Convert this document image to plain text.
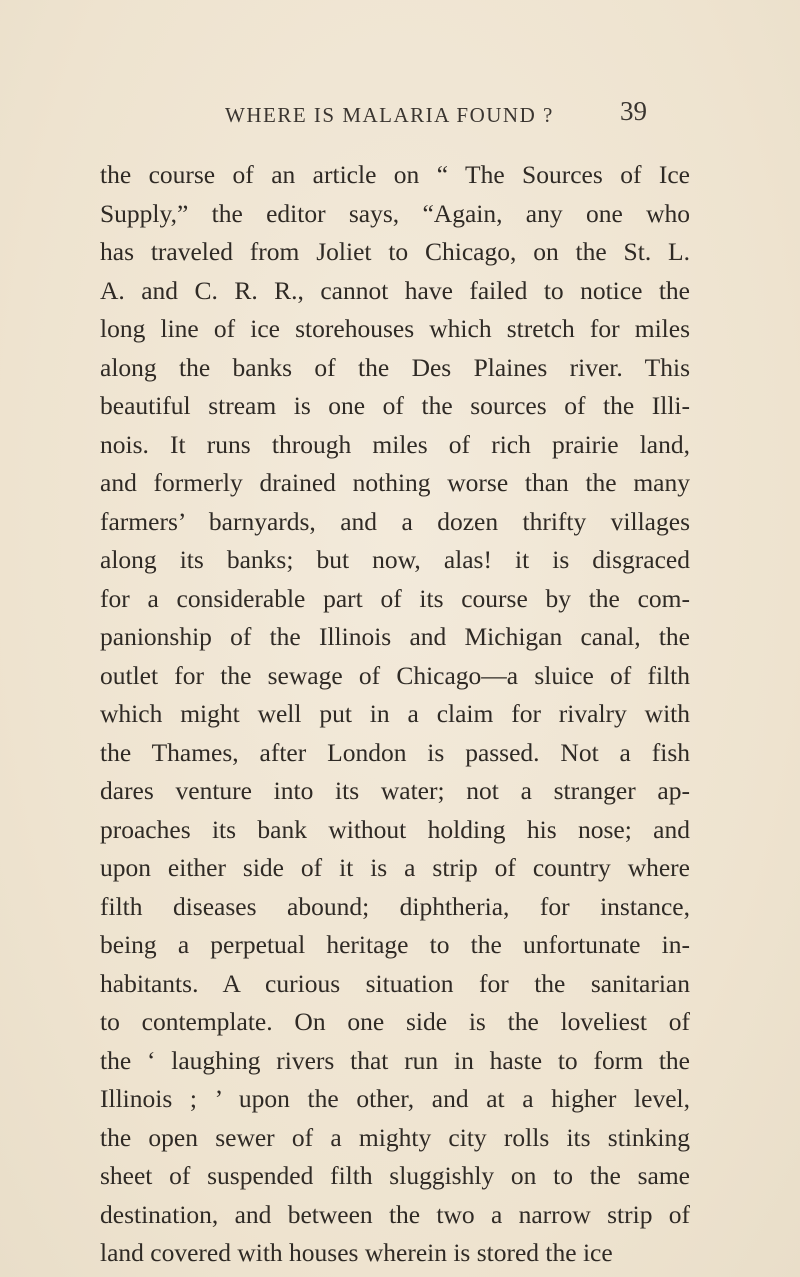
WHERE IS MALARIA FOUND ? 39
the course of an article on “ The Sources of Ice
Supply,” the editor says, “Again, any one who
has traveled from Joliet to Chicago, on the St. L.
A. and C. R. R., cannot have failed to notice the
long line of ice storehouses which stretch for miles
along the banks of the Des Plaines river. This
beautiful stream is one of the sources of the Illi-
nois. It runs through miles of rich prairie land,
and formerly drained nothing worse than the many
farmers’ barnyards, and a dozen thrifty villages
along its banks; but now, alas! it is disgraced
for a considerable part of its course by the com-
panionship of the Illinois and Michigan canal, the
outlet for the sewage of Chicago—a sluice of filth
which might well put in a claim for rivalry with
the Thames, after London is passed. Not a fish
dares venture into its water; not a stranger ap-
proaches its bank without holding his nose; and
upon either side of it is a strip of country where
filth diseases abound; diphtheria, for instance,
being a perpetual heritage to the unfortunate in-
habitants. A curious situation for the sanitarian
to contemplate. On one side is the loveliest of
the ‘ laughing rivers that run in haste to form the
Illinois ; ’ upon the other, and at a higher level,
the open sewer of a mighty city rolls its stinking
sheet of suspended filth sluggishly on to the same
destination, and between the two a narrow strip of
land covered with houses wherein is stored the ice
